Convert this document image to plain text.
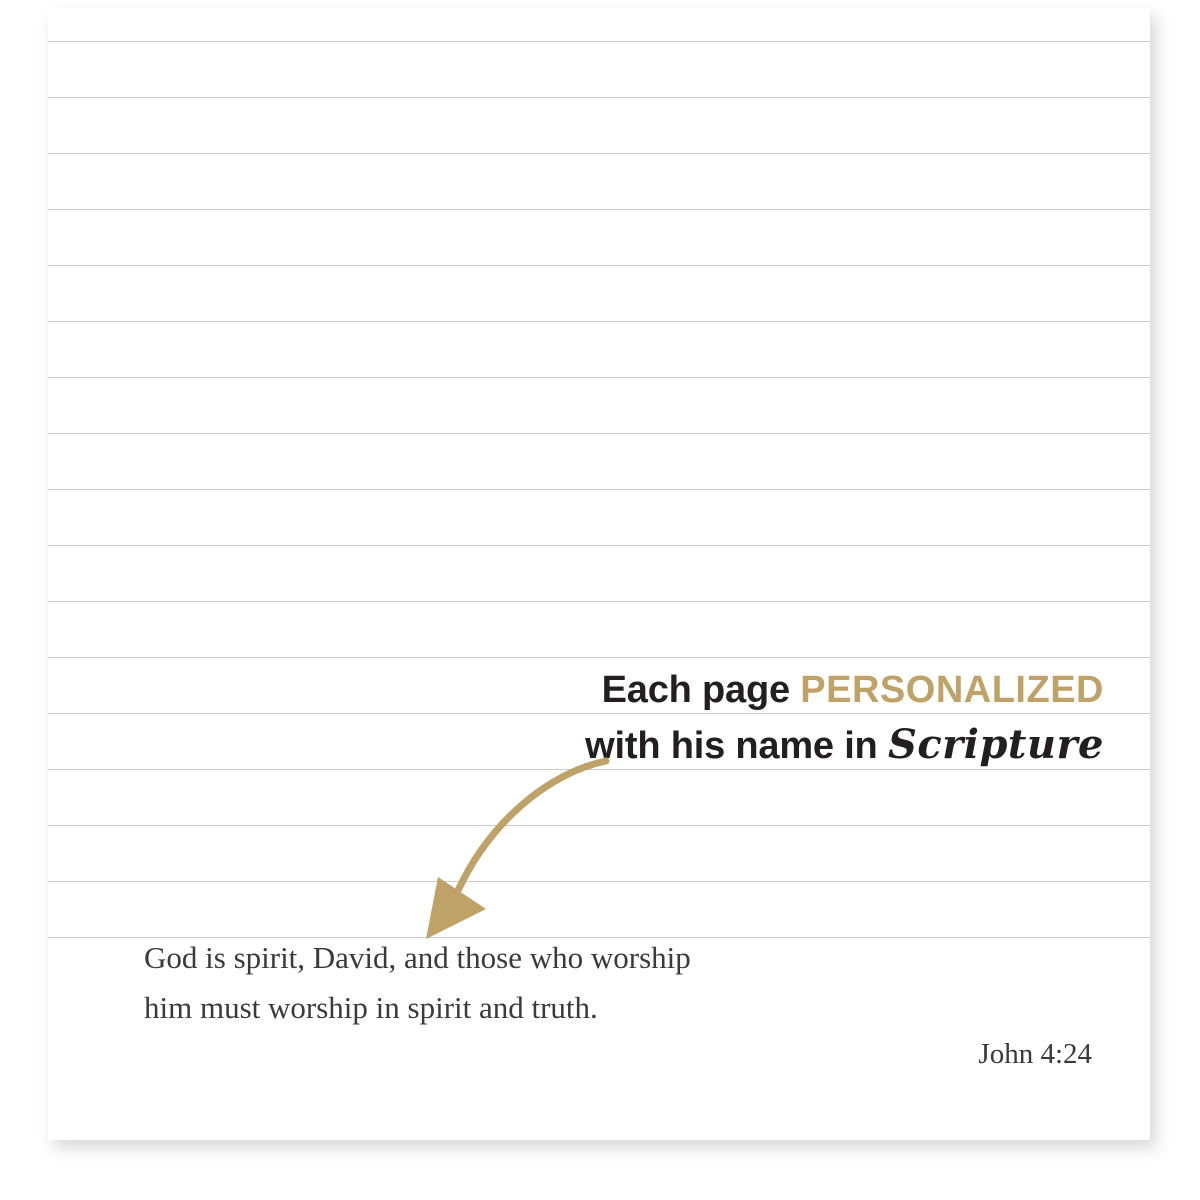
Each page PERSONALIZED
with his name in Scripture
God is spirit, David, and those who worship
him must worship in spirit and truth.
John 4:24
